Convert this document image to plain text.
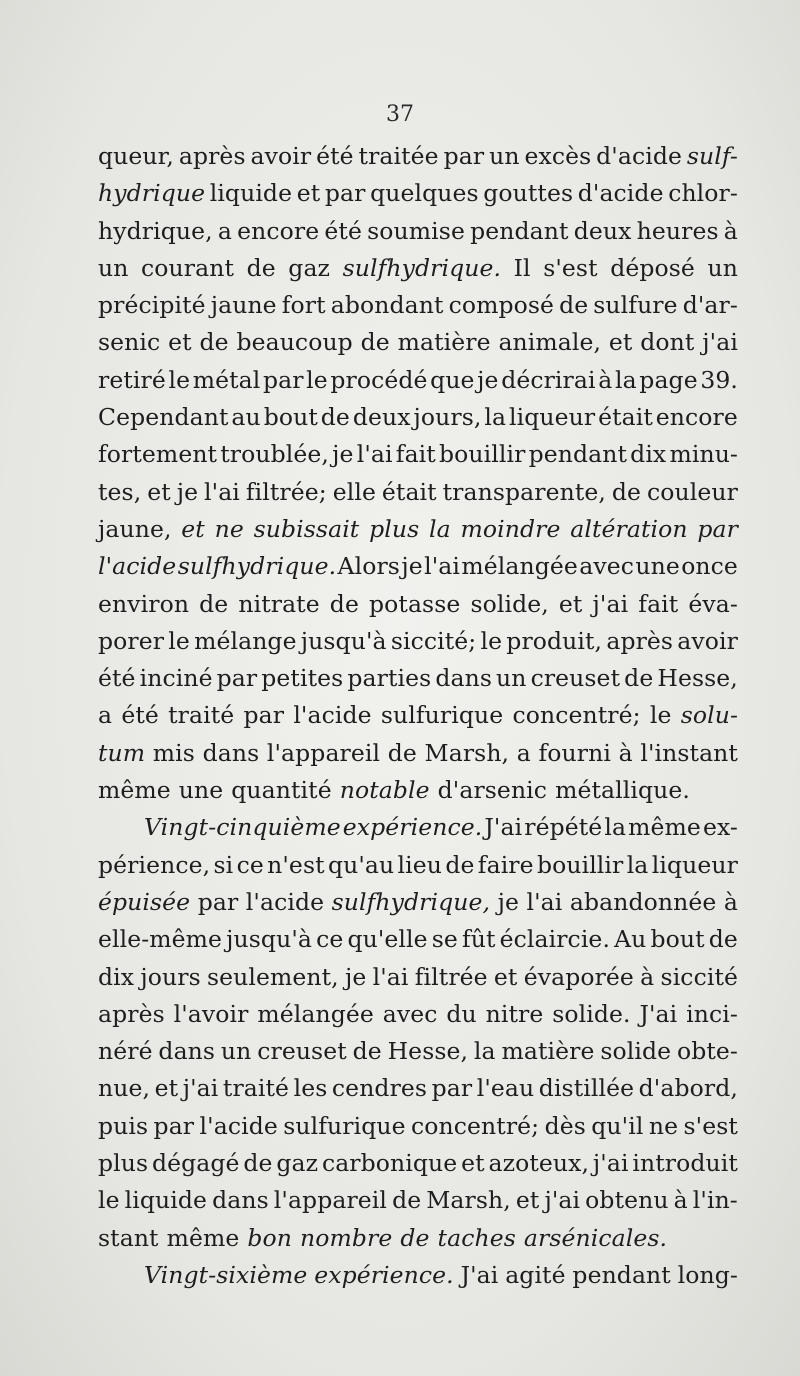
37
queur, après avoir été traitée par un excès d'acide sulf-
hydrique liquide et par quelques gouttes d'acide chlor-
hydrique, a encore été soumise pendant deux heures à
un courant de gaz sulfhydrique. Il s'est déposé un
précipité jaune fort abondant composé de sulfure d'ar-
senic et de beaucoup de matière animale, et dont j'ai
retiré le métal par le procédé que je décrirai à la page 39.
Cependant au bout de deux jours, la liqueur était encore
fortement troublée, je l'ai fait bouillir pendant dix minu-
tes, et je l'ai filtrée; elle était transparente, de couleur
jaune, et ne subissait plus la moindre altération par
l'acide sulfhydrique. Alors je l'ai mélangée avec une once
environ de nitrate de potasse solide, et j'ai fait éva-
porer le mélange jusqu'à siccité; le produit, après avoir
été inciné par petites parties dans un creuset de Hesse,
a été traité par l'acide sulfurique concentré; le solu-
tum mis dans l'appareil de Marsh, a fourni à l'instant
même une quantité notable d'arsenic métallique.
Vingt-cinquième expérience. J'ai répété la même ex-
périence, si ce n'est qu'au lieu de faire bouillir la liqueur
épuisée par l'acide sulfhydrique, je l'ai abandonnée à
elle-même jusqu'à ce qu'elle se fût éclaircie. Au bout de
dix jours seulement, je l'ai filtrée et évaporée à siccité
après l'avoir mélangée avec du nitre solide. J'ai inci-
néré dans un creuset de Hesse, la matière solide obte-
nue, et j'ai traité les cendres par l'eau distillée d'abord,
puis par l'acide sulfurique concentré; dès qu'il ne s'est
plus dégagé de gaz carbonique et azoteux, j'ai introduit
le liquide dans l'appareil de Marsh, et j'ai obtenu à l'in-
stant même bon nombre de taches arsénicales.
Vingt-sixième expérience. J'ai agité pendant long-
